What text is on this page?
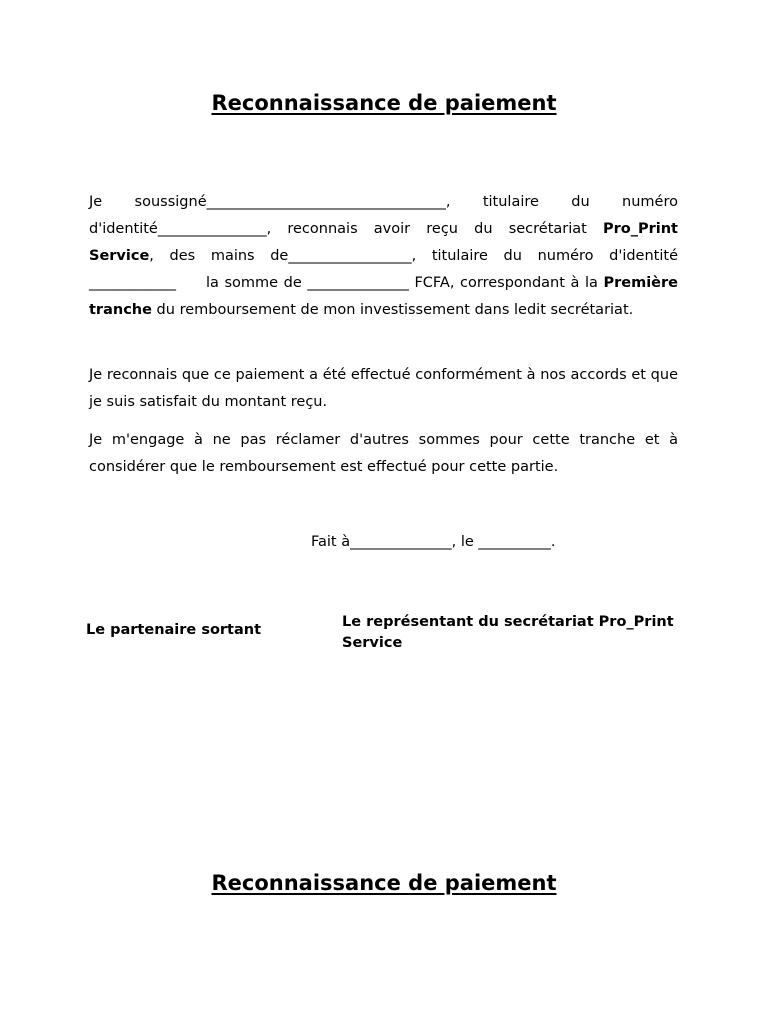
Reconnaissance de paiement

Je soussigné_________________________________, titulaire du numéro d'identité_______________, reconnais avoir reçu du secrétariat Pro_Print Service, des mains de_________________, titulaire du numéro d'identité ____________ la somme de ______________ FCFA, correspondant à la Première tranche du remboursement de mon investissement dans ledit secrétariat.

Je reconnais que ce paiement a été effectué conformément à nos accords et que je suis satisfait du montant reçu.

Je m'engage à ne pas réclamer d'autres sommes pour cette tranche et à considérer que le remboursement est effectué pour cette partie.

Fait à______________, le __________.

Le partenaire sortant	Le représentant du secrétariat Pro_Print Service

Reconnaissance de paiement
